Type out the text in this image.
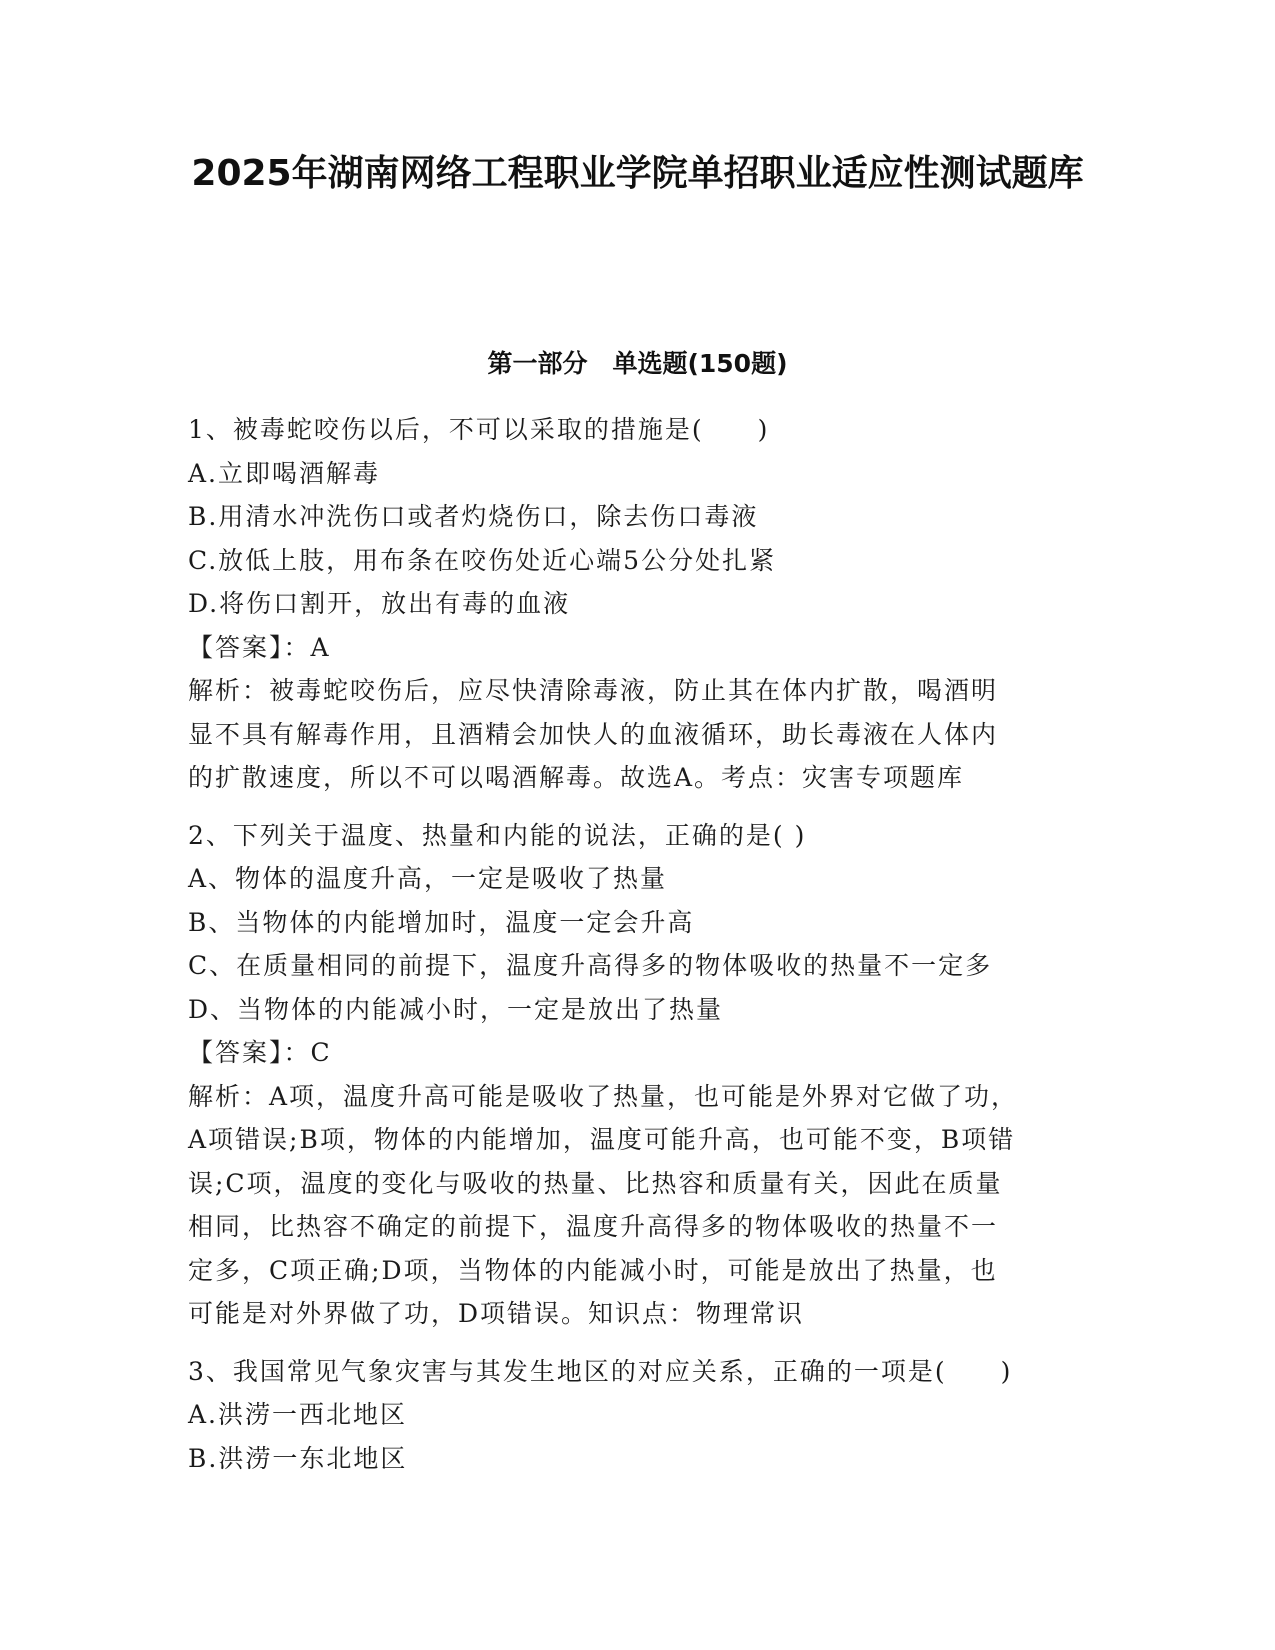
2025年湖南网络工程职业学院单招职业适应性测试题库
第一部分　单选题(150题)

1、被毒蛇咬伤以后，不可以采取的措施是(　　)

A.立即喝酒解毒

B.用清水冲洗伤口或者灼烧伤口，除去伤口毒液

C.放低上肢，用布条在咬伤处近心端5公分处扎紧

D.将伤口割开，放出有毒的血液

【答案】：A

解析：被毒蛇咬伤后，应尽快清除毒液，防止其在体内扩散，喝酒明

显不具有解毒作用，且酒精会加快人的血液循环，助长毒液在人体内

的扩散速度，所以不可以喝酒解毒。故选A。考点：灾害专项题库

2、下列关于温度、热量和内能的说法，正确的是( )

A、物体的温度升高，一定是吸收了热量

B、当物体的内能增加时，温度一定会升高

C、在质量相同的前提下，温度升高得多的物体吸收的热量不一定多

D、当物体的内能减小时，一定是放出了热量

【答案】：C

解析：A项，温度升高可能是吸收了热量，也可能是外界对它做了功，

A项错误;B项，物体的内能增加，温度可能升高，也可能不变，B项错

误;C项，温度的变化与吸收的热量、比热容和质量有关，因此在质量

相同，比热容不确定的前提下，温度升高得多的物体吸收的热量不一

定多，C项正确;D项，当物体的内能减小时，可能是放出了热量，也

可能是对外界做了功，D项错误。知识点：物理常识

3、我国常见气象灾害与其发生地区的对应关系，正确的一项是(　　)

A.洪涝一西北地区

B.洪涝一东北地区
